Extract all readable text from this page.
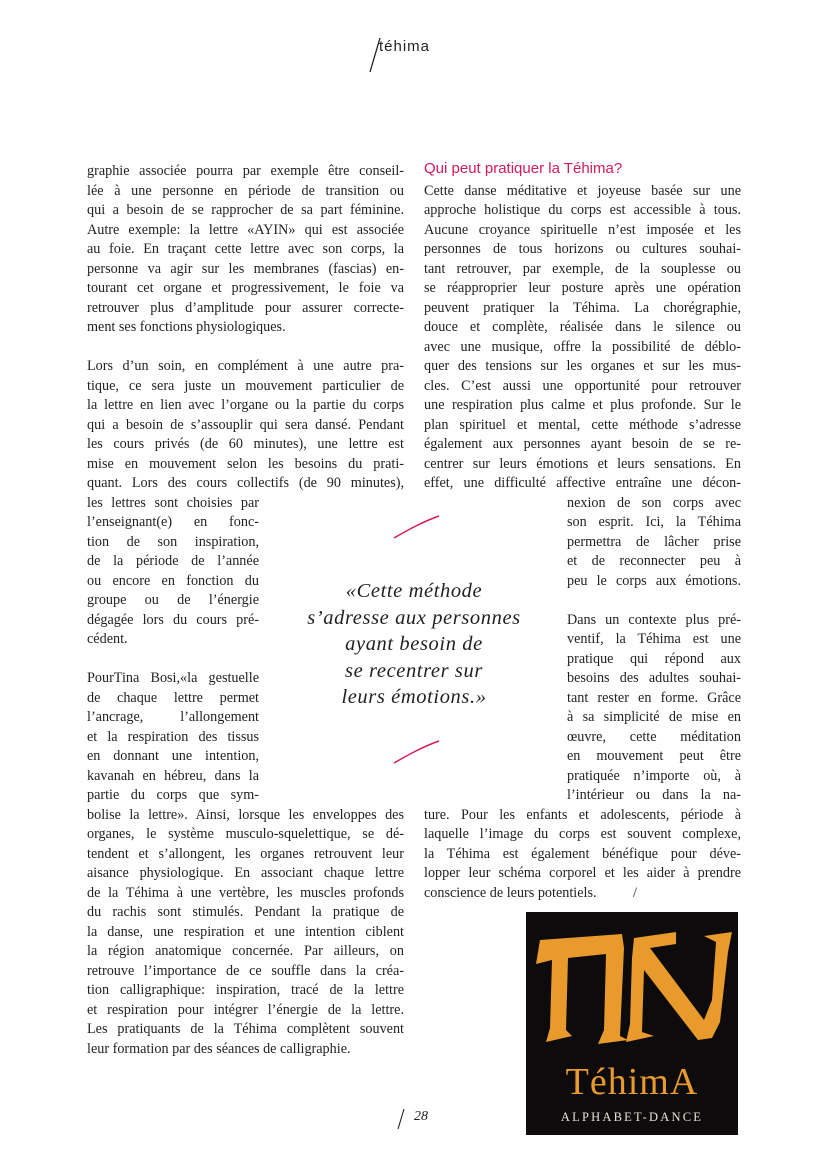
téhima
Qui peut pratiquer la Téhima?
graphie associée pourra par exemple être conseil-
lée à une personne en période de transition ou
qui a besoin de se rapprocher de sa part féminine.
Autre exemple: la lettre «AYIN» qui est associée
au foie. En traçant cette lettre avec son corps, la
personne va agir sur les membranes (fascias) en-
tourant cet organe et progressivement, le foie va
retrouver plus d’amplitude pour assurer correcte-
ment ses fonctions physiologiques.
Lors d’un soin, en complément à une autre pra-
tique, ce sera juste un mouvement particulier de
la lettre en lien avec l’organe ou la partie du corps
qui a besoin de s’assouplir qui sera dansé. Pendant
les cours privés (de 60 minutes), une lettre est
mise en mouvement selon les besoins du prati-
quant. Lors des cours collectifs (de 90 minutes),
les lettres sont choisies par
l’enseignant(e) en fonc-
tion de son inspiration,
de la période de l’année
ou encore en fonction du
groupe ou de l’énergie
dégagée lors du cours pré-
cédent.
PourTina Bosi,«la gestuelle
de chaque lettre permet
l’ancrage, l’allongement
et la respiration des tissus
en donnant une intention,
kavanah en hébreu, dans la
partie du corps que sym-
bolise la lettre». Ainsi, lorsque les enveloppes des
organes, le système musculo-squelettique, se dé-
tendent et s’allongent, les organes retrouvent leur
aisance physiologique. En associant chaque lettre
de la Téhima à une vertèbre, les muscles profonds
du rachis sont stimulés. Pendant la pratique de
la danse, une respiration et une intention ciblent
la région anatomique concernée. Par ailleurs, on
retrouve l’importance de ce souffle dans la créa-
tion calligraphique: inspiration, tracé de la lettre
et respiration pour intégrer l’énergie de la lettre.
Les pratiquants de la Téhima complètent souvent
leur formation par des séances de calligraphie.
Cette danse méditative et joyeuse basée sur une
approche holistique du corps est accessible à tous.
Aucune croyance spirituelle n’est imposée et les
personnes de tous horizons ou cultures souhai-
tant retrouver, par exemple, de la souplesse ou
se réapproprier leur posture après une opération
peuvent pratiquer la Téhima. La chorégraphie,
douce et complète, réalisée dans le silence ou
avec une musique, offre la possibilité de déblo-
quer des tensions sur les organes et sur les mus-
cles. C’est aussi une opportunité pour retrouver
une respiration plus calme et plus profonde. Sur le
plan spirituel et mental, cette méthode s’adresse
également aux personnes ayant besoin de se re-
centrer sur leurs émotions et leurs sensations. En
effet, une difficulté affective entraîne une décon-
nexion de son corps avec
son esprit. Ici, la Téhima
permettra de lâcher prise
et de reconnecter peu à
peu le corps aux émotions.
Dans un contexte plus pré-
ventif, la Téhima est une
pratique qui répond aux
besoins des adultes souhai-
tant rester en forme. Grâce
à sa simplicité de mise en
œuvre, cette méditation
en mouvement peut être
pratiquée n’importe où, à
l’intérieur ou dans la na-
ture. Pour les enfants et adolescents, période à
laquelle l’image du corps est souvent complexe,
la Téhima est également bénéfique pour déve-
lopper leur schéma corporel et les aider à prendre
conscience de leurs potentiels.	/
«Cette méthode
s’adresse aux personnes
ayant besoin de
se recentrer sur
leurs émotions.»
TéhimA
ALPHABET-DANCE
28
